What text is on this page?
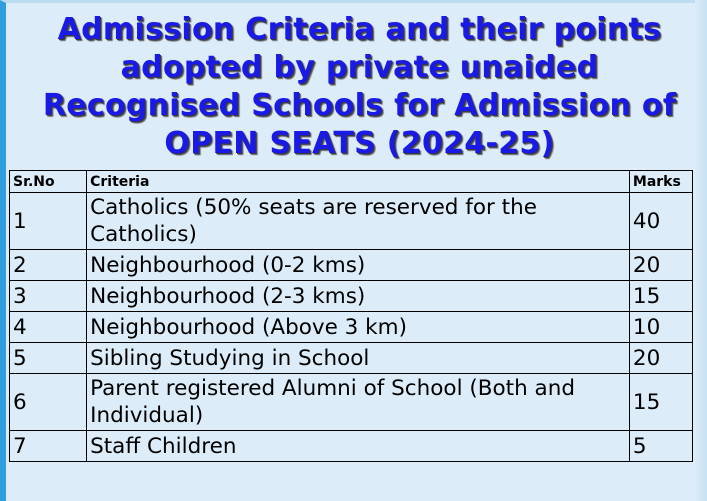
Admission Criteria and their points
adopted by private unaided
Recognised Schools for Admission of
OPEN SEATS (2024-25)
Sr.No	Criteria	Marks
1	Catholics (50% seats are reserved for the Catholics)	40
2	Neighbourhood (0-2 kms)	20
3	Neighbourhood (2-3 kms)	15
4	Neighbourhood (Above 3 km)	10
5	Sibling Studying in School	20
6	Parent registered Alumni of School (Both and Individual)	15
7	Staff Children	5
